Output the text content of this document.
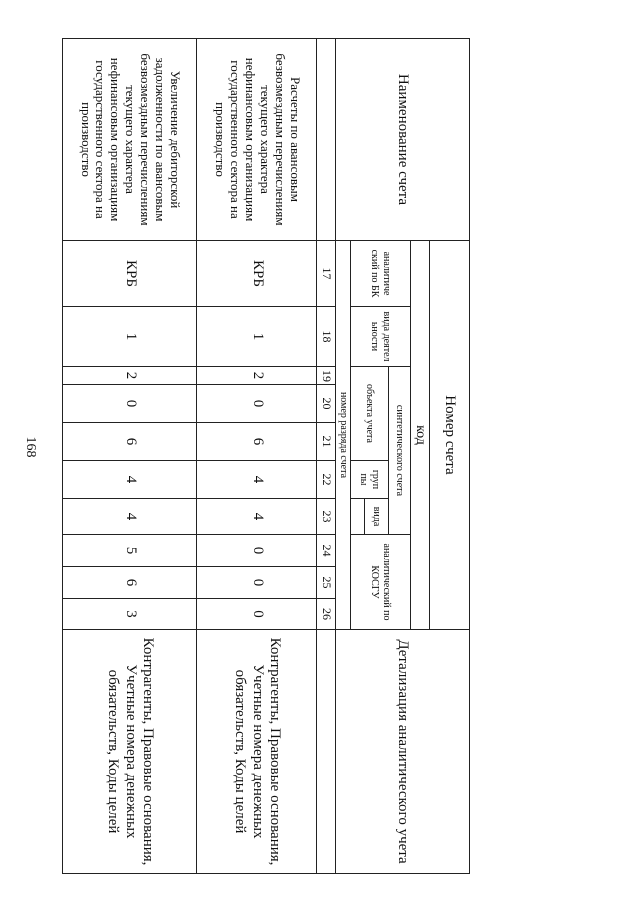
168
Наименование счета	Номер счета										Детализация аналитического учета
	код										
	аналитиче ский по БК	вида деятел ьности	синтетического счета					аналитический по КОСГУ			
			объекта учета			груп пы	вида				

	номер разряда счета										
	17	18	19	20	21	22	23	24	25	26	
Расчеты по авансовым безвозмездным перечислениям текущего характера нефинансовым организациям государственного сектора на производство	КРБ	1	2	0	6	4	4	0	0	0	Контрагенты, Правовые основания, Учетные номера денежных обязательств, Коды целей
Увеличение дебиторской задолженности по авансовым безвозмездным перечислениям текущего характера нефинансовым организациям государственного сектора на производство	КРБ	1	2	0	6	4	4	5	6	3	Контрагенты, Правовые основания, Учетные номера денежных обязательств, Коды целей
